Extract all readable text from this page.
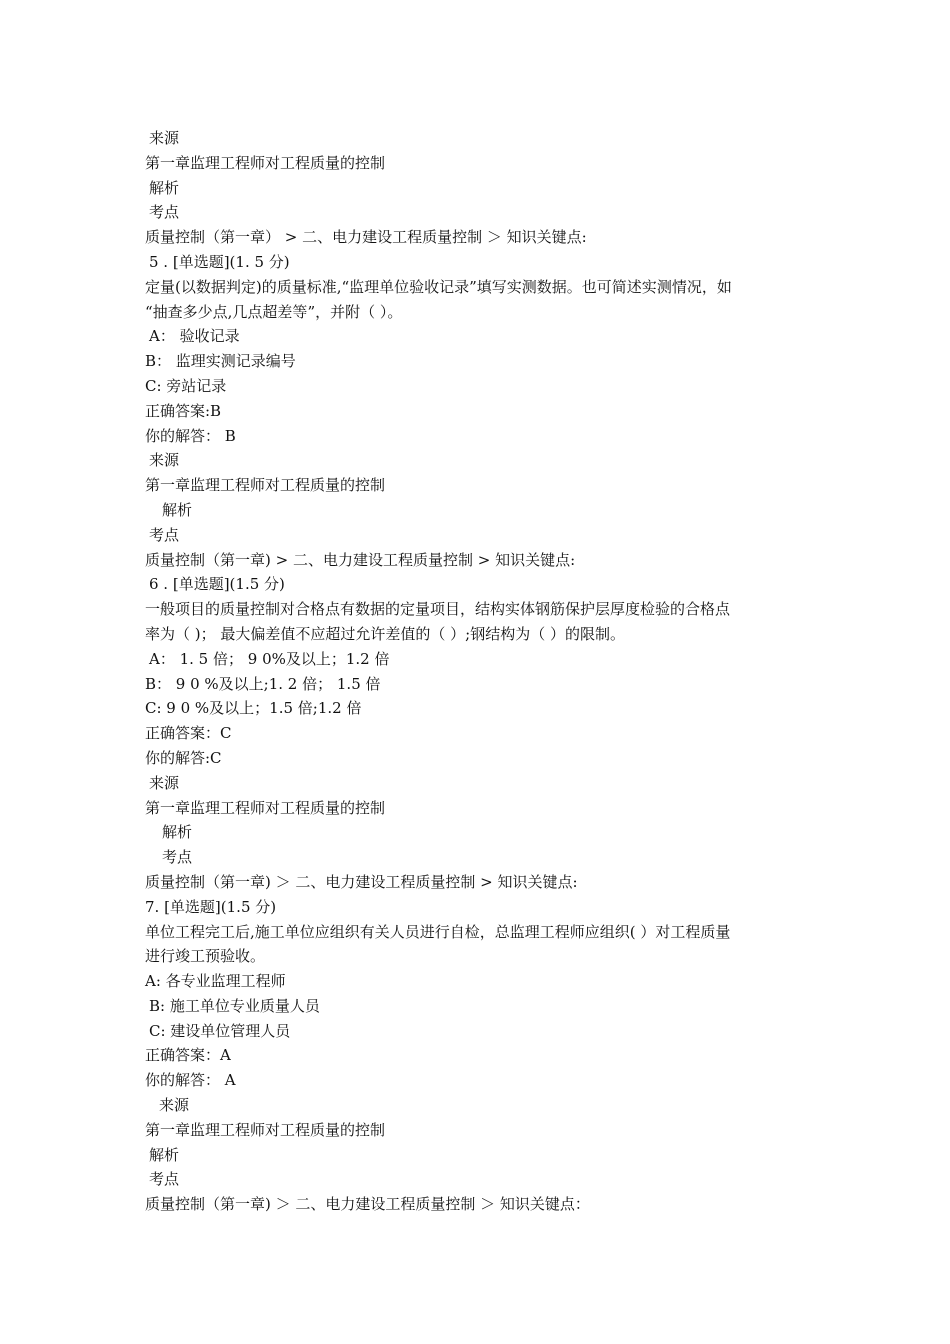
来源
第一章监理工程师对工程质量的控制
解析
考点
质量控制（第一章） > 二、电力建设工程质量控制 ＞ 知识关键点:
5 . [单选题](1. 5 分)
定量(以数据判定)的质量标准,“监理单位验收记录”填写实测数据。也可简述实测情况，如
“抽查多少点,几点超差等”，并附（ ）。
A： 验收记录
B： 监理实测记录编号
C: 旁站记录
正确答案:B
你的解答： B
来源
第一章监理工程师对工程质量的控制
解析
考点
质量控制（第一章) > 二、电力建设工程质量控制 > 知识关键点:
6 . [单选题](1.5 分)
一般项目的质量控制对合格点有数据的定量项目，结构实体钢筋保护层厚度检验的合格点
率为（ )； 最大偏差值不应超过允许差值的（ ）;钢结构为（ ）的限制。
A： 1. 5 倍； 9 0%及以上；1.2 倍
B： 9 0 %及以上;1. 2 倍； 1.5 倍
C: 9 0 %及以上；1.5 倍;1.2 倍
正确答案：C
你的解答:C
来源
第一章监理工程师对工程质量的控制
解析
考点
质量控制（第一章) ＞ 二、电力建设工程质量控制 > 知识关键点:
7. [单选题](1.5 分)
单位工程完工后,施工单位应组织有关人员进行自检，总监理工程师应组织( ）对工程质量
进行竣工预验收。
A: 各专业监理工程师
B: 施工单位专业质量人员
C: 建设单位管理人员
正确答案：A
你的解答： A
来源
第一章监理工程师对工程质量的控制
解析
考点
质量控制（第一章) ＞ 二、电力建设工程质量控制 ＞ 知识关键点：
